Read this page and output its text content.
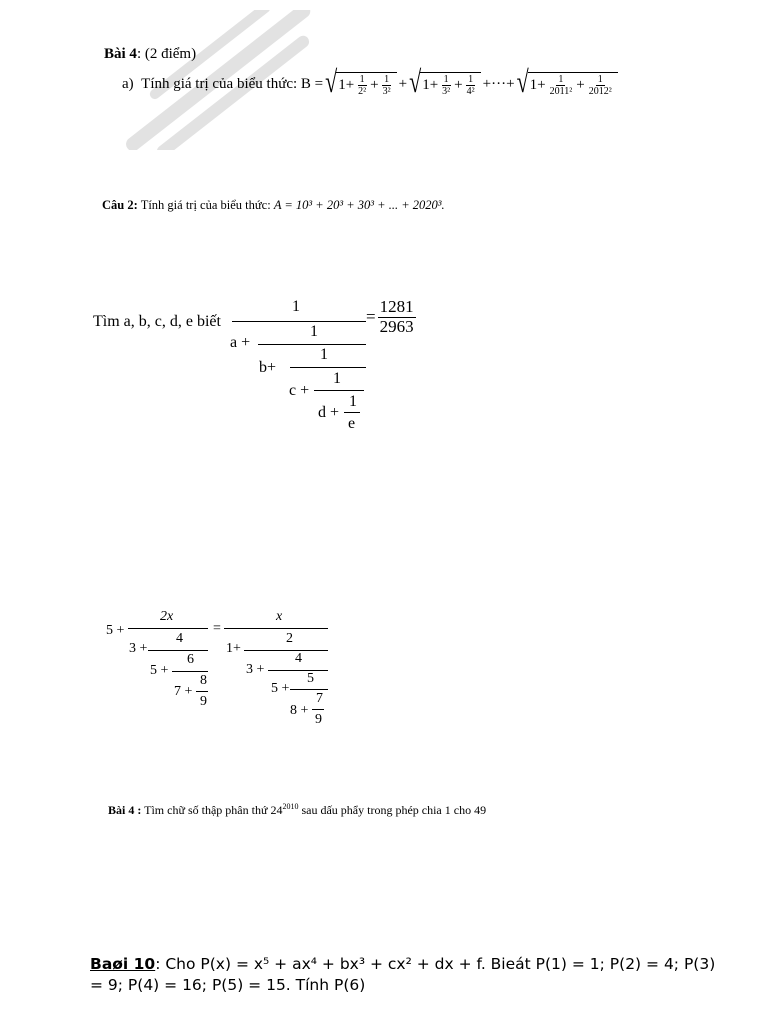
Bài 4: (2 điểm)
a)
Tính giá trị của biểu thức:
B = √ $1 + \frac{1}{\text{2²}} + \frac{1}{\text{3²}}$ + √ $1 + \frac{1}{\text{3²}} + \frac{1}{\text{4²}}$ + ··· + √ $1 + \frac{1}{\text{2011²}} + \frac{1}{\text{2012²}}$
Câu 2: Tính giá trị của biểu thức: A = 10³ + 20³ + 30³ + ... + 2020³.
Tìm a, b, c, d, e biết
1
a +
1
b+
1
c +
1
d +
1
e
= $\frac{1281}{2963}$
5 +
2x
3 +
4
5 +
6
7 +
8
9
=
x
1+
2
3 +
4
5 +
5
8 +
7
9
Bài 4 : Tìm chữ số thập phân thứ $24^{2010}$ sau dấu phẩy trong phép chia 1 cho 49
Baøi 10: Cho P(x) = x⁵ + ax⁴ + bx³ + cx² + dx + f. Bieát P(1) = 1; P(2) = 4; P(3) = 9; P(4) = 16; P(5) = 15. Tính P(6)
